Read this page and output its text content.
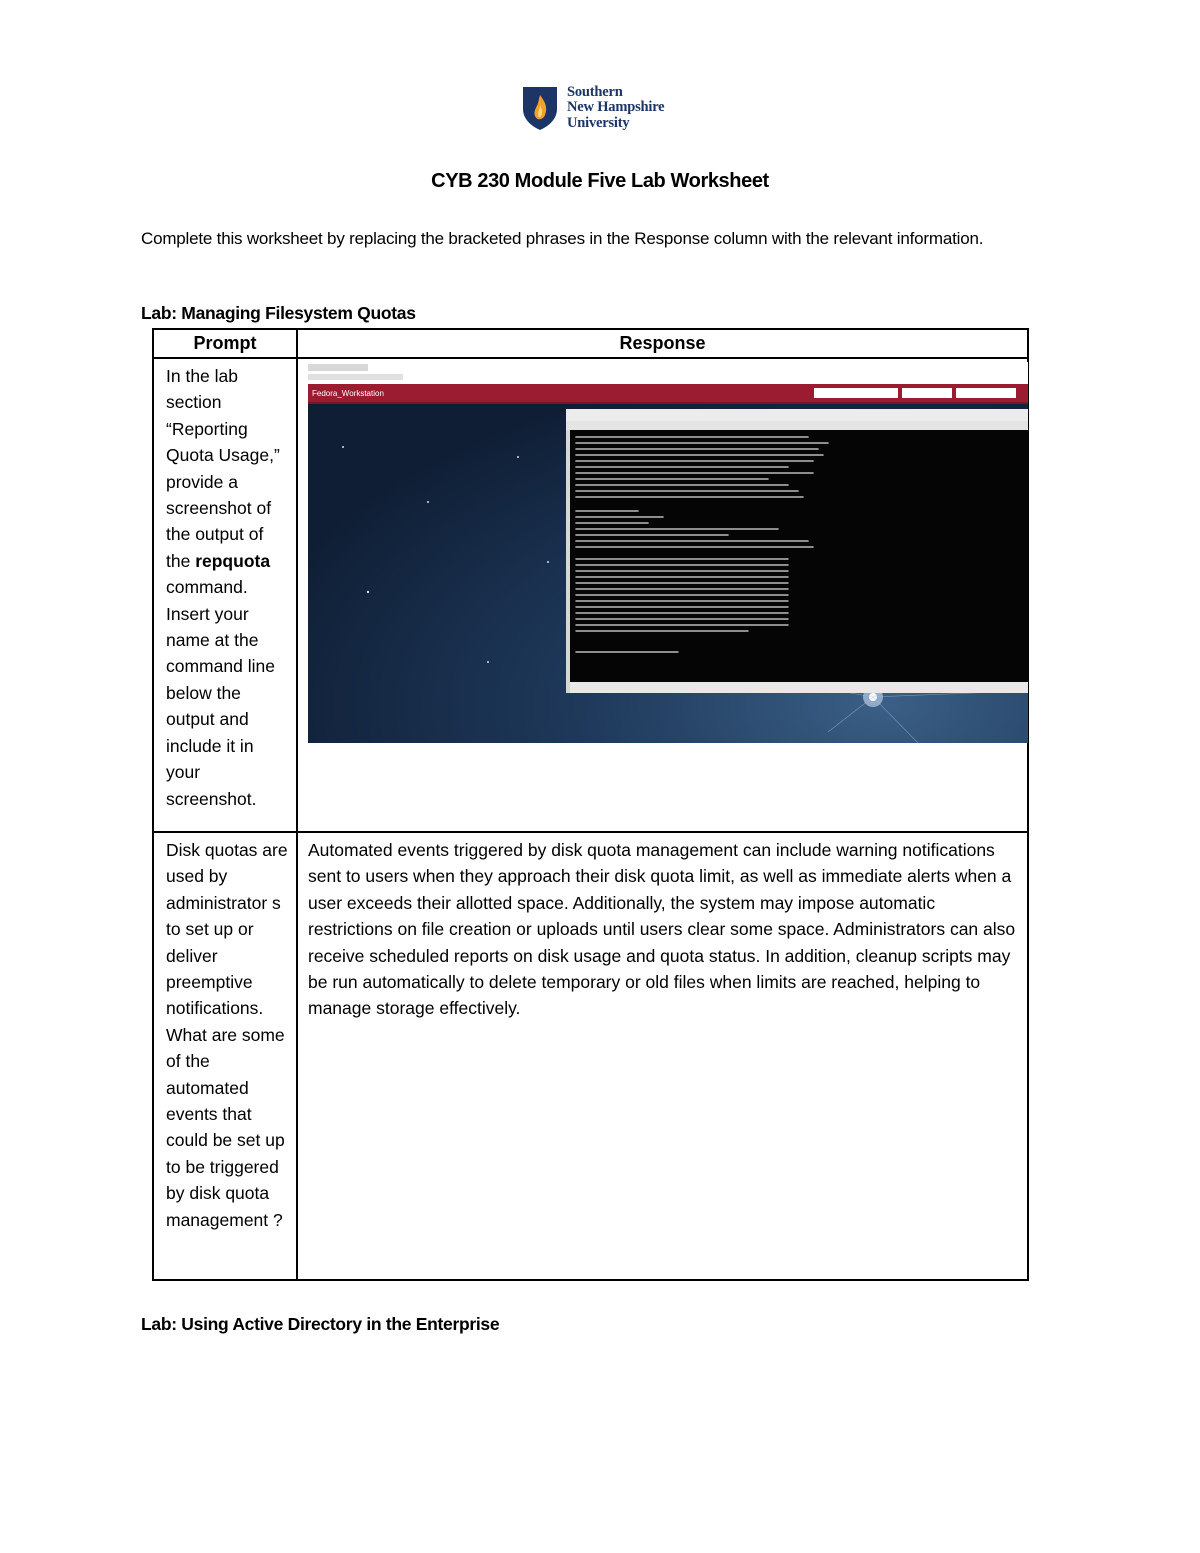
Southern
New Hampshire
University
CYB 230 Module Five Lab Worksheet
Complete this worksheet by replacing the bracketed phrases in the Response column with the relevant information.
Lab: Managing Filesystem Quotas
Prompt	Response
In the lab section “Reporting Quota Usage,” provide a screenshot of the output of the repquota command. Insert your name at the command line below the output and include it in your screenshot.	Fedora_Workstation

Disk quotas are used by administrator s to set up or deliver preemptive notifications. What are some of the automated events that could be set up to be triggered by disk quota management ?	Automated events triggered by disk quota management can include warning notifications sent to users when they approach their disk quota limit, as well as immediate alerts when a user exceeds their allotted space. Additionally, the system may impose automatic restrictions on file creation or uploads until users clear some space. Administrators can also receive scheduled reports on disk usage and quota status. In addition, cleanup scripts may be run automatically to delete temporary or old files when limits are reached, helping to manage storage effectively.
Lab: Using Active Directory in the Enterprise
